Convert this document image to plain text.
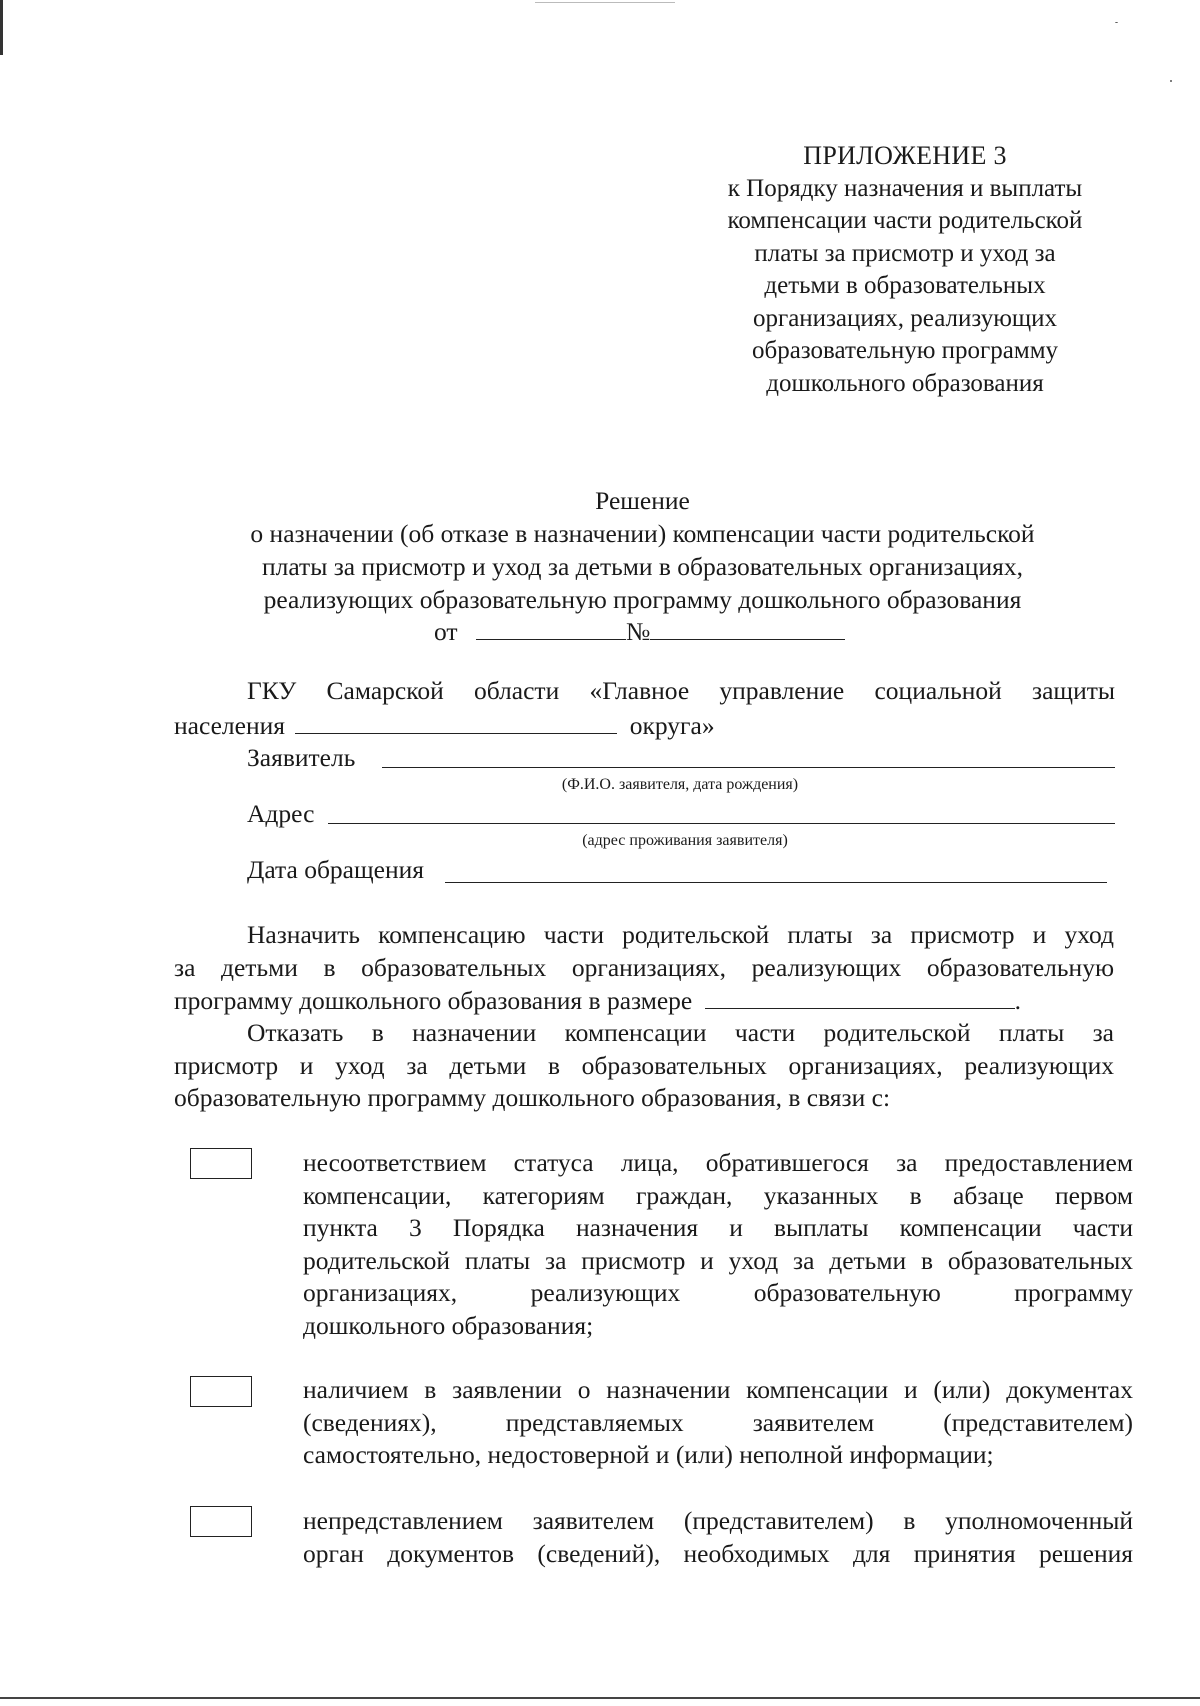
ПРИЛОЖЕНИЕ 3
к Порядку назначения и выплаты
компенсации части родительской
платы за присмотр и уход за
детьми в образовательных
организациях, реализующих
образовательную программу
дошкольного образования
Решение
о назначении (об отказе в назначении) компенсации части родительской
платы за присмотр и уход за детьми в образовательных организациях,
реализующих образовательную программу дошкольного образования
от	№
ГКУ Самарской области «Главное управление социальной защиты
населения	округа»
Заявитель
(Ф.И.О. заявителя, дата рождения)
Адрес
(адрес проживания заявителя)
Дата обращения
Назначить компенсацию части родительской платы за присмотр и уход
за детьми в образовательных организациях, реализующих образовательную
программу дошкольного образования в размере	.
Отказать в назначении компенсации части родительской платы за
присмотр и уход за детьми в образовательных организациях, реализующих
образовательную программу дошкольного образования, в связи с:
несоответствием статуса лица, обратившегося за предоставлением
компенсации, категориям граждан, указанных в абзаце первом
пункта 3 Порядка назначения и выплаты компенсации части
родительской платы за присмотр и уход за детьми в образовательных
организациях, реализующих образовательную программу
дошкольного образования;
наличием в заявлении о назначении компенсации и (или) документах
(сведениях), представляемых заявителем (представителем)
самостоятельно, недостоверной и (или) неполной информации;
непредставлением заявителем (представителем) в уполномоченный
орган документов (сведений), необходимых для принятия решения
